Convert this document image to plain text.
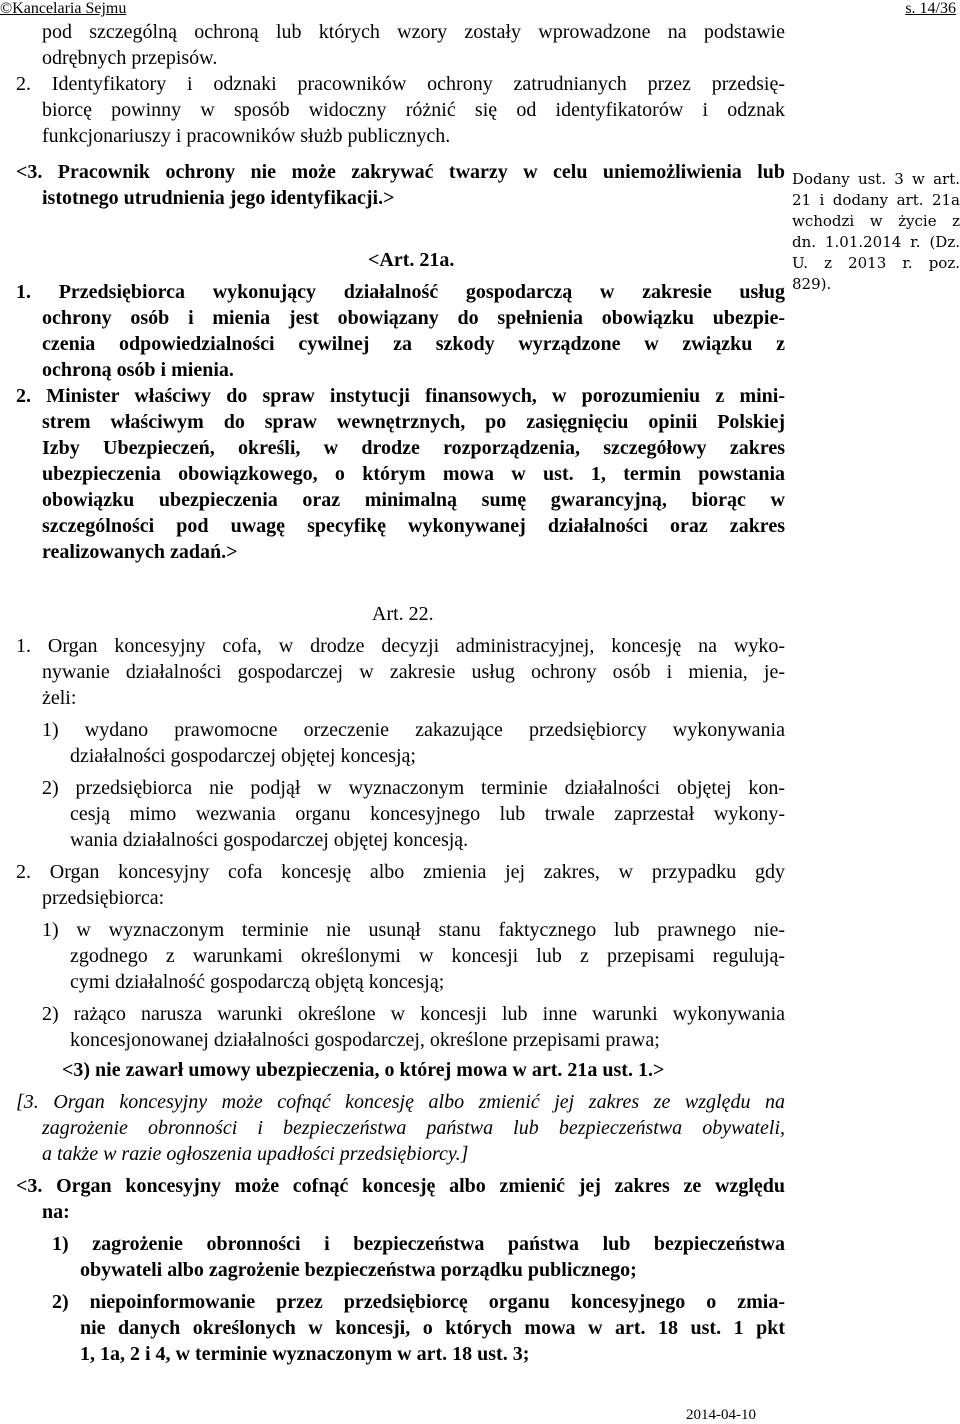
©Kancelaria Sejmu	s. 14/36
pod szczególną ochroną lub których wzory zostały wprowadzone na podstawie
odrębnych przepisów.
2. Identyfikatory i odznaki pracowników ochrony zatrudnianych przez przedsię-
biorcę powinny w sposób widoczny różnić się od identyfikatorów i odznak
funkcjonariuszy i pracowników służb publicznych.
<3. Pracownik ochrony nie może zakrywać twarzy w celu uniemożliwienia lub
istotnego utrudnienia jego identyfikacji.>
<Art. 21a.
1. Przedsiębiorca wykonujący działalność gospodarczą w zakresie usług
ochrony osób i mienia jest obowiązany do spełnienia obowiązku ubezpie-
czenia odpowiedzialności cywilnej za szkody wyrządzone w związku z
ochroną osób i mienia.
2. Minister właściwy do spraw instytucji finansowych, w porozumieniu z mini-
strem właściwym do spraw wewnętrznych, po zasięgnięciu opinii Polskiej
Izby Ubezpieczeń, określi, w drodze rozporządzenia, szczegółowy zakres
ubezpieczenia obowiązkowego, o którym mowa w ust. 1, termin powstania
obowiązku ubezpieczenia oraz minimalną sumę gwarancyjną, biorąc w
szczególności pod uwagę specyfikę wykonywanej działalności oraz zakres
realizowanych zadań.>
Art. 22.
1. Organ koncesyjny cofa, w drodze decyzji administracyjnej, koncesję na wyko-
nywanie działalności gospodarczej w zakresie usług ochrony osób i mienia, je-
żeli:
1) wydano prawomocne orzeczenie zakazujące przedsiębiorcy wykonywania
działalności gospodarczej objętej koncesją;
2) przedsiębiorca nie podjął w wyznaczonym terminie działalności objętej kon-
cesją mimo wezwania organu koncesyjnego lub trwale zaprzestał wykony-
wania działalności gospodarczej objętej koncesją.
2. Organ koncesyjny cofa koncesję albo zmienia jej zakres, w przypadku gdy
przedsiębiorca:
1) w wyznaczonym terminie nie usunął stanu faktycznego lub prawnego nie-
zgodnego z warunkami określonymi w koncesji lub z przepisami regulują-
cymi działalność gospodarczą objętą koncesją;
2) rażąco narusza warunki określone w koncesji lub inne warunki wykonywania
koncesjonowanej działalności gospodarczej, określone przepisami prawa;
<3) nie zawarł umowy ubezpieczenia, o której mowa w art. 21a ust. 1.>
[3. Organ koncesyjny może cofnąć koncesję albo zmienić jej zakres ze względu na
zagrożenie obronności i bezpieczeństwa państwa lub bezpieczeństwa obywateli,
a także w razie ogłoszenia upadłości przedsiębiorcy.]
<3. Organ koncesyjny może cofnąć koncesję albo zmienić jej zakres ze względu
na:
1) zagrożenie obronności i bezpieczeństwa państwa lub bezpieczeństwa
obywateli albo zagrożenie bezpieczeństwa porządku publicznego;
2) niepoinformowanie przez przedsiębiorcę organu koncesyjnego o zmia-
nie danych określonych w koncesji, o których mowa w art. 18 ust. 1 pkt
1, 1a, 2 i 4, w terminie wyznaczonym w art. 18 ust. 3;
Dodany ust. 3 w art.
21 i dodany art. 21a
wchodzi w życie z
dn. 1.01.2014 r. (Dz.
U. z 2013 r. poz.
829).
2014-04-10
